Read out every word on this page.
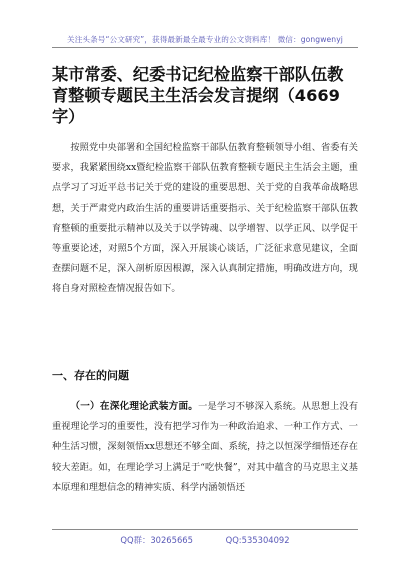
关注头条号“公文研究”，获得最新最全最专业的公文资料库！ 微信：gongwenyj
某市常委、纪委书记纪检监察干部队伍教育整顿专题民主生活会发言提纲（4669字）

按照党中央部署和全国纪检监察干部队伍教育整顿领导小组、省委有关要求，我紧紧围绕xx暨纪检监察干部队伍教育整顿专题民主生活会主题，重点学习了习近平总书记关于党的建设的重要思想、关于党的自我革命战略思想，关于严肃党内政治生活的重要讲话重要指示、关于纪检监察干部队伍教育整顿的重要批示精神以及关于以学铸魂、以学增智、以学正风、以学促干等重要论述，对照5个方面，深入开展谈心谈话，广泛征求意见建议，全面查摆问题不足，深入剖析原因根源，深入认真制定措施，明确改进方向，现将自身对照检查情况报告如下。

一、存在的问题

（一）在深化理论武装方面。一是学习不够深入系统。从思想上没有重视理论学习的重要性，没有把学习作为一种政治追求、一种工作方式、一种生活习惯，深刻领悟xx思想还不够全面、系统，持之以恒深学细悟还存在较大差距。如，在理论学习上满足于“吃快餐”，对其中蕴含的马克思主义基本原理和理想信念的精神实质、科学内涵领悟还

QQ群：30265665	QQ:535304092
